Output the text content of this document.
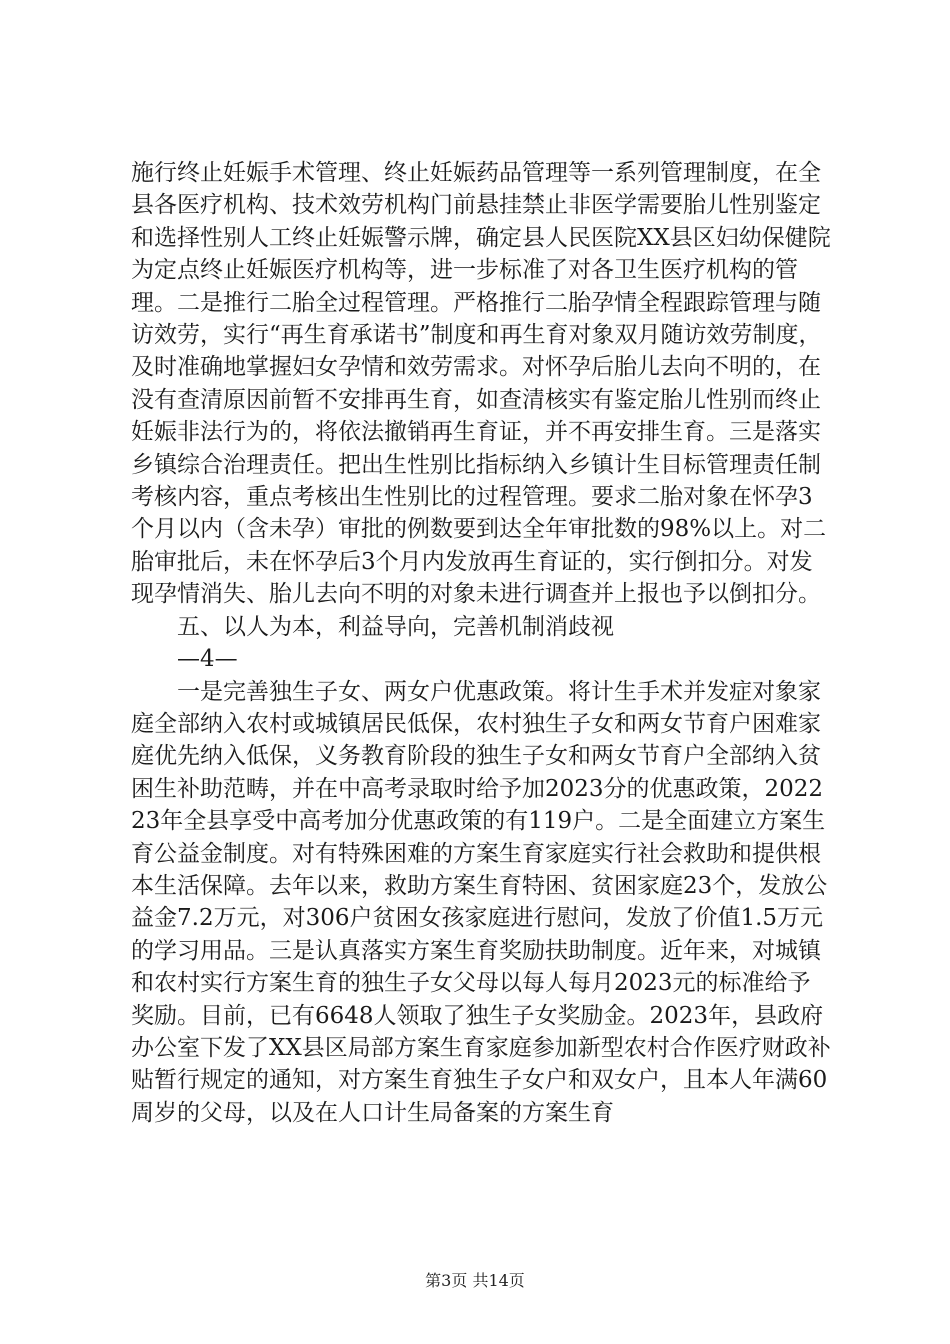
施行终止妊娠手术管理、终止妊娠药品管理等一系列管理制度，在全县各医疗机构、技术效劳机构门前悬挂禁止非医学需要胎儿性别鉴定和选择性别人工终止妊娠警示牌，确定县人民医院XX县区妇幼保健院为定点终止妊娠医疗机构等，进一步标准了对各卫生医疗机构的管理。二是推行二胎全过程管理。严格推行二胎孕情全程跟踪管理与随访效劳，实行“再生育承诺书”制度和再生育对象双月随访效劳制度，及时准确地掌握妇女孕情和效劳需求。对怀孕后胎儿去向不明的，在没有查清原因前暂不安排再生育，如查清核实有鉴定胎儿性别而终止妊娠非法行为的，将依法撤销再生育证，并不再安排生育。三是落实乡镇综合治理责任。把出生性别比指标纳入乡镇计生目标管理责任制考核内容，重点考核出生性别比的过程管理。要求二胎对象在怀孕3个月以内（含未孕）审批的例数要到达全年审批数的98%以上。对二胎审批后，未在怀孕后3个月内发放再生育证的，实行倒扣分。对发现孕情消失、胎儿去向不明的对象未进行调查并上报也予以倒扣分。

五、以人为本，利益导向，完善机制消歧视

—4—

一是完善独生子女、两女户优惠政策。将计生手术并发症对象家庭全部纳入农村或城镇居民低保，农村独生子女和两女节育户困难家庭优先纳入低保，义务教育阶段的独生子女和两女节育户全部纳入贫困生补助范畴，并在中高考录取时给予加2023分的优惠政策，202223年全县享受中高考加分优惠政策的有119户。二是全面建立方案生育公益金制度。对有特殊困难的方案生育家庭实行社会救助和提供根本生活保障。去年以来，救助方案生育特困、贫困家庭23个，发放公益金7.2万元，对306户贫困女孩家庭进行慰问，发放了价值1.5万元的学习用品。三是认真落实方案生育奖励扶助制度。近年来，对城镇和农村实行方案生育的独生子女父母以每人每月2023元的标准给予奖励。目前，已有6648人领取了独生子女奖励金。2023年，县政府办公室下发了XX县区局部方案生育家庭参加新型农村合作医疗财政补贴暂行规定的通知，对方案生育独生子女户和双女户，且本人年满60周岁的父母，以及在人口计生局备案的方案生育

第3页 共14页
